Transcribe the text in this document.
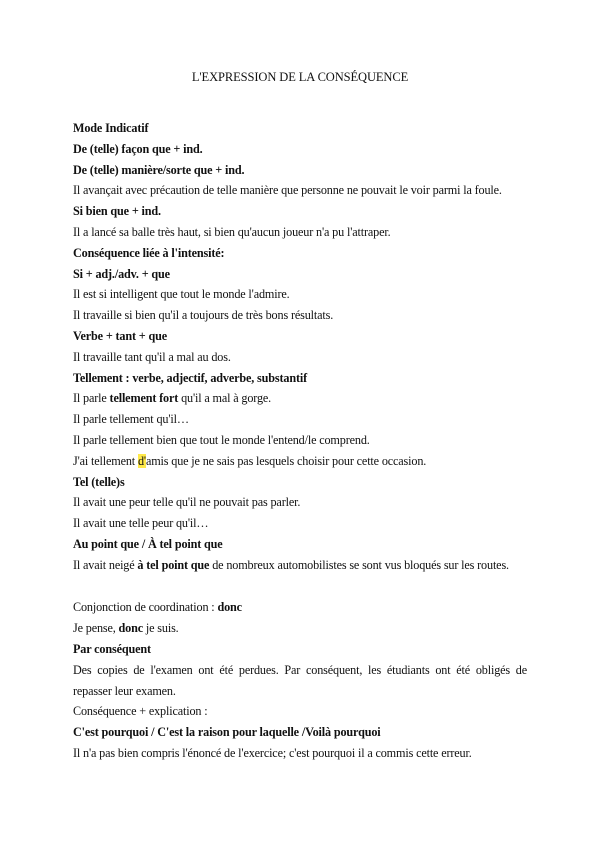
L'EXPRESSION DE LA CONSÉQUENCE
Mode Indicatif
De (telle) façon que + ind.
De (telle) manière/sorte que + ind.
Il avançait avec précaution de telle manière que personne ne pouvait le voir parmi la foule.
Si bien que + ind.
Il a lancé sa balle très haut, si bien qu'aucun joueur n'a pu l'attraper.
Conséquence liée à l'intensité:
Si + adj./adv. + que
Il est si intelligent que tout le monde l'admire.
Il travaille si bien qu'il a toujours de très bons résultats.
Verbe + tant + que
Il travaille tant qu'il a mal au dos.
Tellement : verbe, adjectif, adverbe, substantif
Il parle tellement fort qu'il a mal à gorge.
Il parle tellement qu'il…
Il parle tellement bien que tout le monde l'entend/le comprend.
J'ai tellement d'amis que je ne sais pas lesquels choisir pour cette occasion.
Tel (telle)s
Il avait une peur telle qu'il ne pouvait pas parler.
Il avait une telle peur qu'il…
Au point que / À tel point que
Il avait neigé à tel point que de nombreux automobilistes se sont vus bloqués sur les routes.
Conjonction de coordination : donc
Je pense, donc je suis.
Par conséquent
Des copies de l'examen ont été perdues. Par conséquent, les étudiants ont été obligés de repasser leur examen.
Conséquence + explication :
C'est pourquoi / C'est la raison pour laquelle /Voilà pourquoi
Il n'a pas bien compris l'énoncé de l'exercice; c'est pourquoi il a commis cette erreur.
